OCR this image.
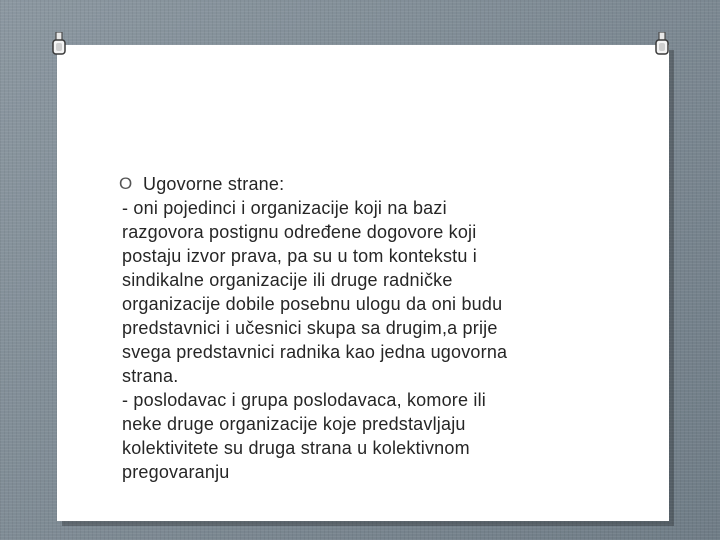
O Ugovorne strane:

- oni pojedinci i organizacije koji na bazi
razgovora postignu određene dogovore koji
postaju izvor prava, pa su u tom kontekstu i
sindikalne organizacije ili druge radničke
organizacije dobile posebnu ulogu da oni budu
predstavnici i učesnici skupa sa drugim,a prije
svega predstavnici radnika kao jedna ugovorna
strana.

- poslodavac i grupa poslodavaca, komore ili
neke druge organizacije koje predstavljaju
kolektivitete su druga strana u kolektivnom
pregovaranju
